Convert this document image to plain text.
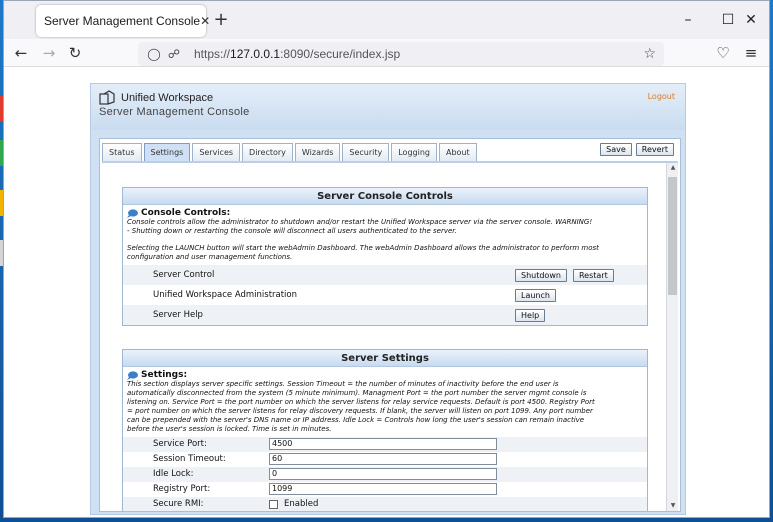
Server Management Console ✕ +	–	☐ ✕
←	→ ↻	◯ ☍ https://127.0.0.1:8090/secure/index.jsp	☆	♡ ≡
Unified Workspace
Server Management Console
Logout
Status	Settings	Services	Directory	Wizards	Security	Logging	About	Save	Revert
Server Console Controls
Console Controls:

Console controls allow the administrator to shutdown and/or restart the Unified Workspace server via the server console. WARNING!

- Shutting down or restarting the console will disconnect all users authenticated to the server.

Selecting the LAUNCH button will start the webAdmin Dashboard. The webAdmin Dashboard allows the administrator to perform most

configuration and user management functions.

Server Control	Shutdown	Restart
Unified Workspace Administration	Launch
Server Help	Help
Server Settings
Settings:

This section displays server specific settings. Session Timeout = the number of minutes of inactivity before the end user is

automatically disconnected from the system (5 minute minimum). Managment Port = the port number the server mgmt console is

listening on. Service Port = the port number on which the server listens for relay service requests. Default is port 4500. Registry Port

= port number on which the server listens for relay discovery requests. If blank, the server will listen on port 1099. Any port number

can be prepended with the server's DNS name or IP address. Idle Lock = Controls how long the user's session can remain inactive

before the user's session is locked. Time is set in minutes.

Service Port:	4500
Session Timeout:	60
Idle Lock:	0
Registry Port:	1099
Secure RMI:	Enabled
▲
▼
